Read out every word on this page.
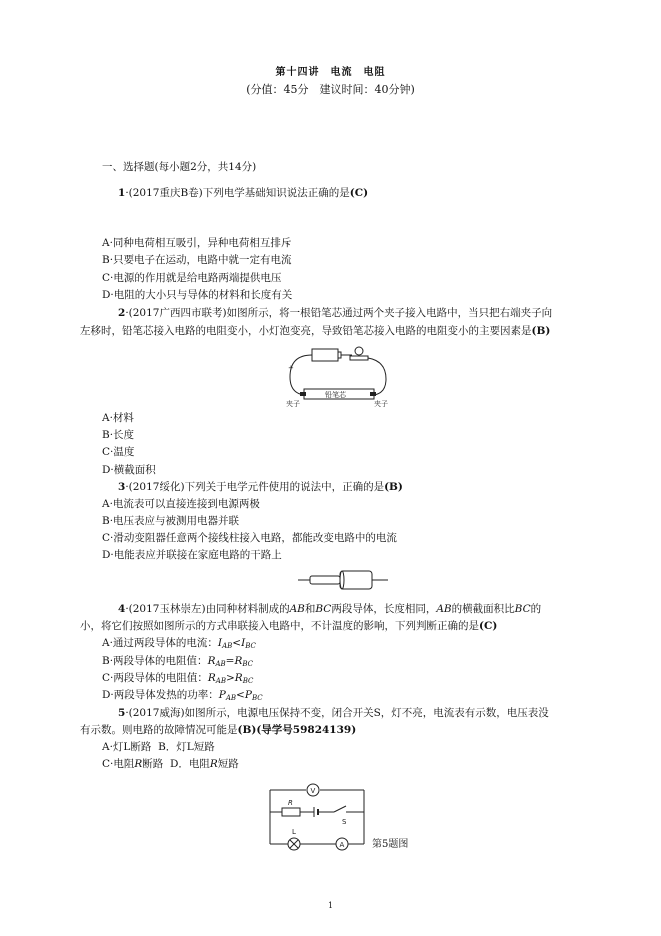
第十四讲　电流　电阻
(分值：45分　建议时间：40分钟)
一、选择题(每小题2分，共14分)
1·(2017重庆B卷)下列电学基础知识说法正确的是(C)
A·同种电荷相互吸引，异种电荷相互排斥
B·只要电子在运动，电路中就一定有电流
C·电源的作用就是给电路两端提供电压
D·电阻的大小只与导体的材料和长度有关
2·(2017广西四市联考)如图所示，将一根铅笔芯通过两个夹子接入电路中，当只把右端夹子向
左移时，铅笔芯接入电路的电阻变小，小灯泡变亮，导致铅笔芯接入电路的电阻变小的主要因素是(B)
+
铅笔芯
夹子	夹子
A·材料
B·长度
C·温度
D·横截面积
3·(2017绥化)下列关于电学元件使用的说法中，正确的是(B)
A·电流表可以直接连接到电源两极
B·电压表应与被测用电器并联
C·滑动变阻器任意两个接线柱接入电路，都能改变电路中的电流
D·电能表应并联接在家庭电路的干路上
4·(2017玉林崇左)由同种材料制成的AB和BC两段导体，长度相同，AB的横截面积比BC的
小，将它们按照如图所示的方式串联接入电路中，不计温度的影响，下列判断正确的是(C)
A·通过两段导体的电流：$I_{AB}<I_{BC}$
B·两段导体的电阻值：$R_{AB}=R_{BC}$
C·两段导体的电阻值：$R_{AB}>R_{BC}$
D·两段导体发热的功率：$P_{AB}<P_{BC}$
5·(2017威海)如图所示，电源电压保持不变，闭合开关S，灯不亮，电流表有示数，电压表没
有示数。则电路的故障情况可能是(B)(导学号59824139)
A·灯L断路 B．灯L短路
C·电阻R断路 D．电阻R短路
V
A
R
L
S
第5题图
1
